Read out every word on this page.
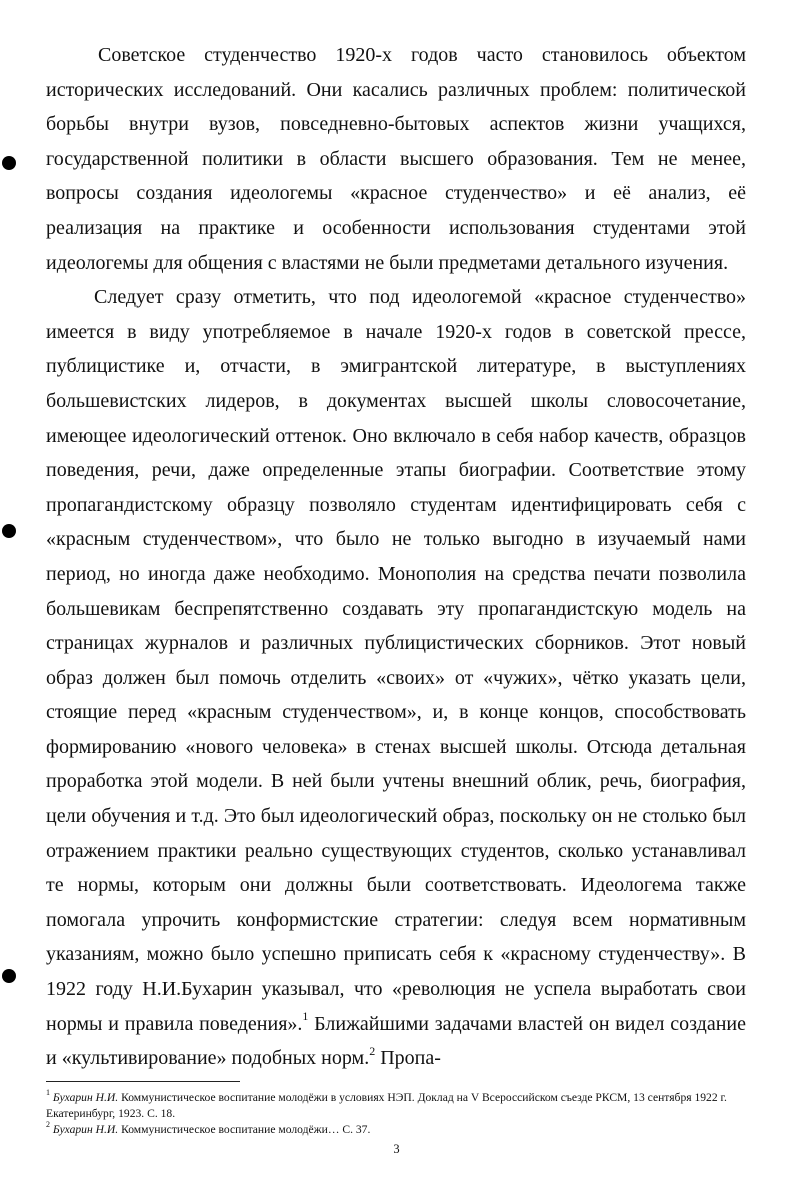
Советское студенчество 1920-х годов часто становилось объектом исторических исследований. Они касались различных проблем: политической борьбы внутри вузов, повседневно-бытовых аспектов жизни учащихся, государственной политики в области высшего образования. Тем не менее, вопросы создания идеологемы «красное студенчество» и её анализ, её реализация на практике и особенности использования студентами этой идеологемы для общения с властями не были предметами детального изучения.

Следует сразу отметить, что под идеологемой «красное студенчество» имеется в виду употребляемое в начале 1920-х годов в советской прессе, публицистике и, отчасти, в эмигрантской литературе, в выступлениях большевистских лидеров, в документах высшей школы словосочетание, имеющее идеологический оттенок. Оно включало в себя набор качеств, образцов поведения, речи, даже определенные этапы биографии. Соответствие этому пропагандистскому образцу позволяло студентам идентифицировать себя с «красным студенчеством», что было не только выгодно в изучаемый нами период, но иногда даже необходимо. Монополия на средства печати позволила большевикам беспрепятственно создавать эту пропагандистскую модель на страницах журналов и различных публицистических сборников. Этот новый образ должен был помочь отделить «своих» от «чужих», чётко указать цели, стоящие перед «красным студенчеством», и, в конце концов, способствовать формированию «нового человека» в стенах высшей школы. Отсюда детальная проработка этой модели. В ней были учтены внешний облик, речь, биография, цели обучения и т.д. Это был идеологический образ, поскольку он не столько был отражением практики реально существующих студентов, сколько устанавливал те нормы, которым они должны были соответствовать. Идеологема также помогала упрочить конформистские стратегии: следуя всем нормативным указаниям, можно было успешно приписать себя к «красному студенчеству». В 1922 году Н.И.Бухарин указывал, что «революция не успела выработать свои нормы и правила поведения».$^1$ Ближайшими задачами властей он видел создание и «культивирование» подобных норм.$^2$ Пропа-

$^1$ Бухарин Н.И. Коммунистическое воспитание молодёжи в условиях НЭП. Доклад на V Всероссийском съезде РКСМ, 13 сентября 1922 г. Екатеринбург, 1923. С. 18.

$^2$ Бухарин Н.И. Коммунистическое воспитание молодёжи… С. 37.

3
